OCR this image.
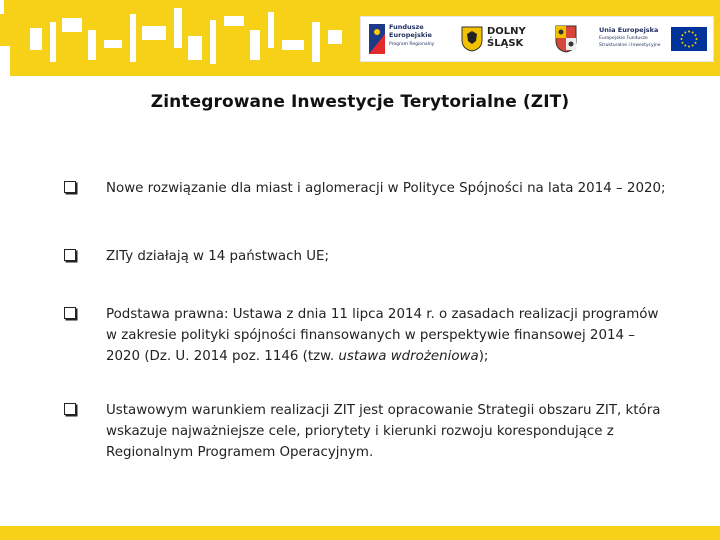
Fundusze
Europejskie
Program Regionalny
DOLNY
ŚLĄSK
Unia Europejska
Europejskie Fundusze
Strukturalne i Inwestycyjne
Zintegrowane Inwestycje Terytorialne (ZIT)
Nowe rozwiązanie dla miast i aglomeracji w Polityce Spójności na lata 2014 – 2020;
ZITy działają w 14 państwach UE;
Podstawa prawna: Ustawa z dnia 11 lipca 2014 r. o zasadach realizacji programów w zakresie polityki spójności finansowanych w perspektywie finansowej 2014 – 2020 (Dz. U. 2014 poz. 1146 (tzw. ustawa wdrożeniowa);
Ustawowym warunkiem realizacji ZIT jest opracowanie Strategii obszaru ZIT, która wskazuje najważniejsze cele, priorytety i kierunki rozwoju korespondujące z Regionalnym Programem Operacyjnym.
